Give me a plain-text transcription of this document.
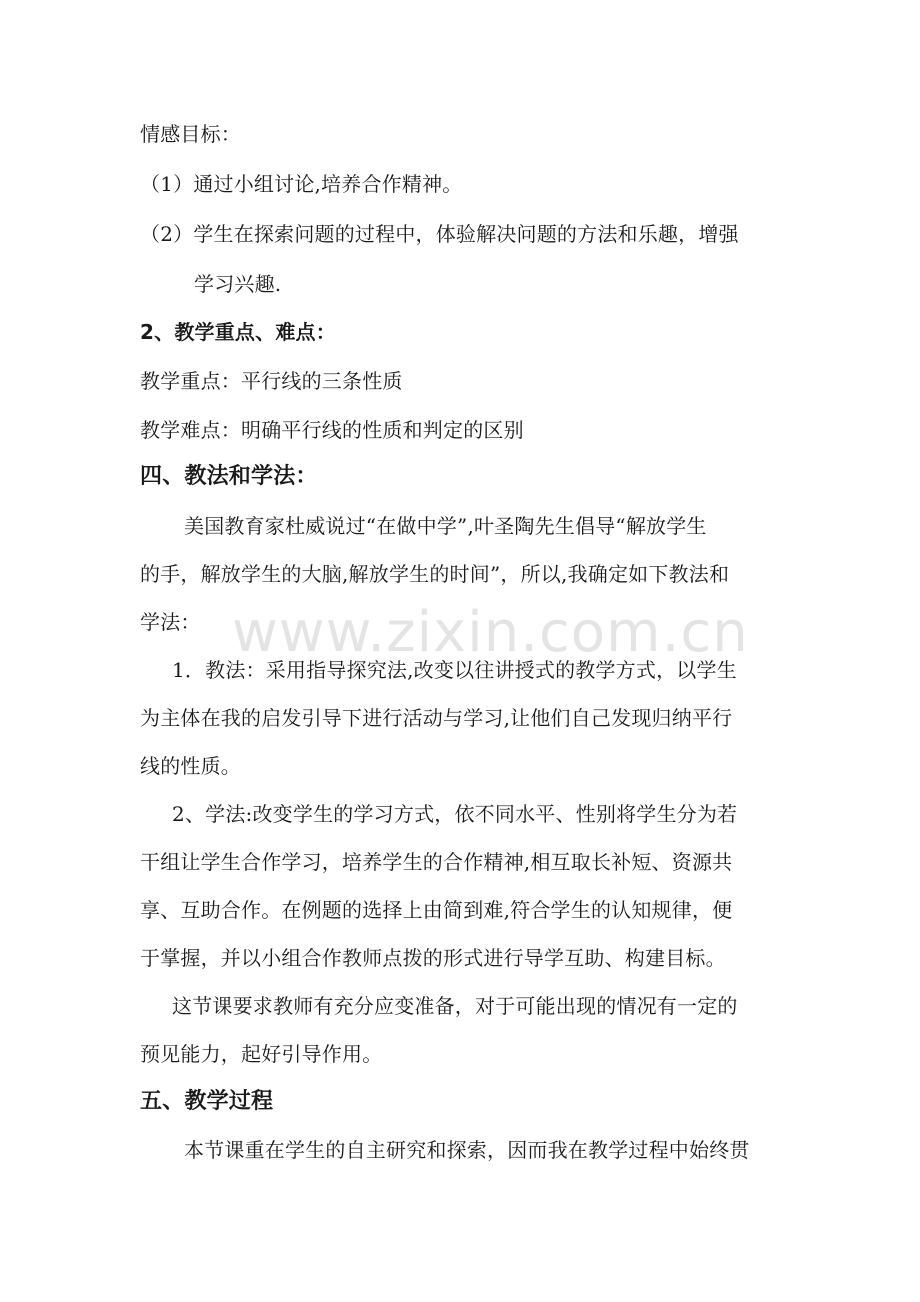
情感目标：
（1）通过小组讨论,培养合作精神。
（2）学生在探索问题的过程中，体验解决问题的方法和乐趣，增强
学习兴趣.
2、教学重点、难点：
教学重点：平行线的三条性质
教学难点：明确平行线的性质和判定的区别
四、教法和学法：
美国教育家杜威说过“在做中学”,叶圣陶先生倡导“解放学生
的手，解放学生的大脑,解放学生的时间”，所以,我确定如下教法和
学法：
1．教法：采用指导探究法,改变以往讲授式的教学方式，以学生
为主体在我的启发引导下进行活动与学习,让他们自己发现归纳平行
线的性质。
2、学法:改变学生的学习方式，依不同水平、性别将学生分为若
干组让学生合作学习，培养学生的合作精神,相互取长补短、资源共
享、互助合作。在例题的选择上由简到难,符合学生的认知规律，便
于掌握，并以小组合作教师点拨的形式进行导学互助、构建目标。
这节课要求教师有充分应变准备，对于可能出现的情况有一定的
预见能力，起好引导作用。
五、教学过程
本节课重在学生的自主研究和探索，因而我在教学过程中始终贯
www.zixin.com.cn
